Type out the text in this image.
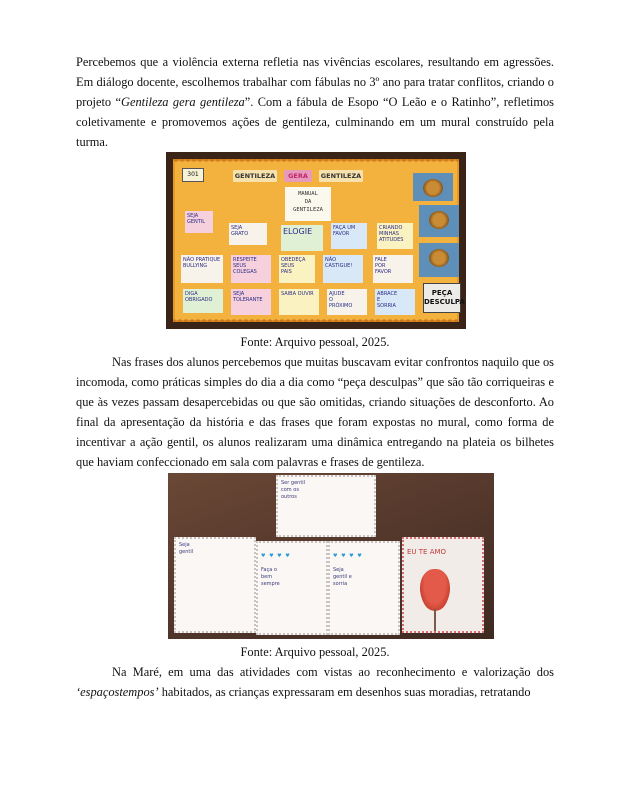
Percebemos que a violência externa refletia nas vivências escolares, resultando em agressões. Em diálogo docente, escolhemos trabalhar com fábulas no 3º ano para tratar conflitos, criando o projeto “Gentileza gera gentileza”. Com a fábula de Esopo “O Leão e o Ratinho”, refletimos coletivamente e promovemos ações de gentileza, culminando em um mural construído pela turma.

301	GENTILEZA	GERA	GENTILEZA
MANUAL
DA
GENTILEZA
SEJA
GENTIL
SEJA
GRATO	ELOGIE	FAÇA UM
FAVOR
CRIANDO
MINHAS
ATITUDES
NÃO PRATIQUE
BULLYING
RESPEITE
SEUS
COLEGAS
OBEDEÇA
SEUS
PAIS
NÃO
CASTIGUE!
FALE
POR
FAVOR
DIGA
OBRIGADO
SEJA
TOLERANTE
SAIBA OUVIR	AJUDE
O
PRÓXIMO
ABRACE
E
SORRIA
PEÇA
DESCULPA

Fonte: Arquivo pessoal, 2025.

Nas frases dos alunos percebemos que muitas buscavam evitar confrontos naquilo que os incomoda, como práticas simples do dia a dia como “peça desculpas” que são tão corriqueiras e que às vezes passam desapercebidas ou que são omitidas, criando situações de desconforto. Ao final da apresentação da história e das frases que foram expostas no mural, como forma de incentivar a ação gentil, os alunos realizaram uma dinâmica entregando na plateia os bilhetes que haviam confeccionado em sala com palavras e frases de gentileza.

Ser gentil
com os
outros
Seja
gentil

♥ ♥ ♥ ♥

Faça o
bem
sempre

♥ ♥ ♥ ♥

Seja
gentil e
sorria

EU TE AMO

Fonte: Arquivo pessoal, 2025.

Na Maré, em uma das atividades com vistas ao reconhecimento e valorização dos ‘espaçostempos’ habitados, as crianças expressaram em desenhos suas moradias, retratando
